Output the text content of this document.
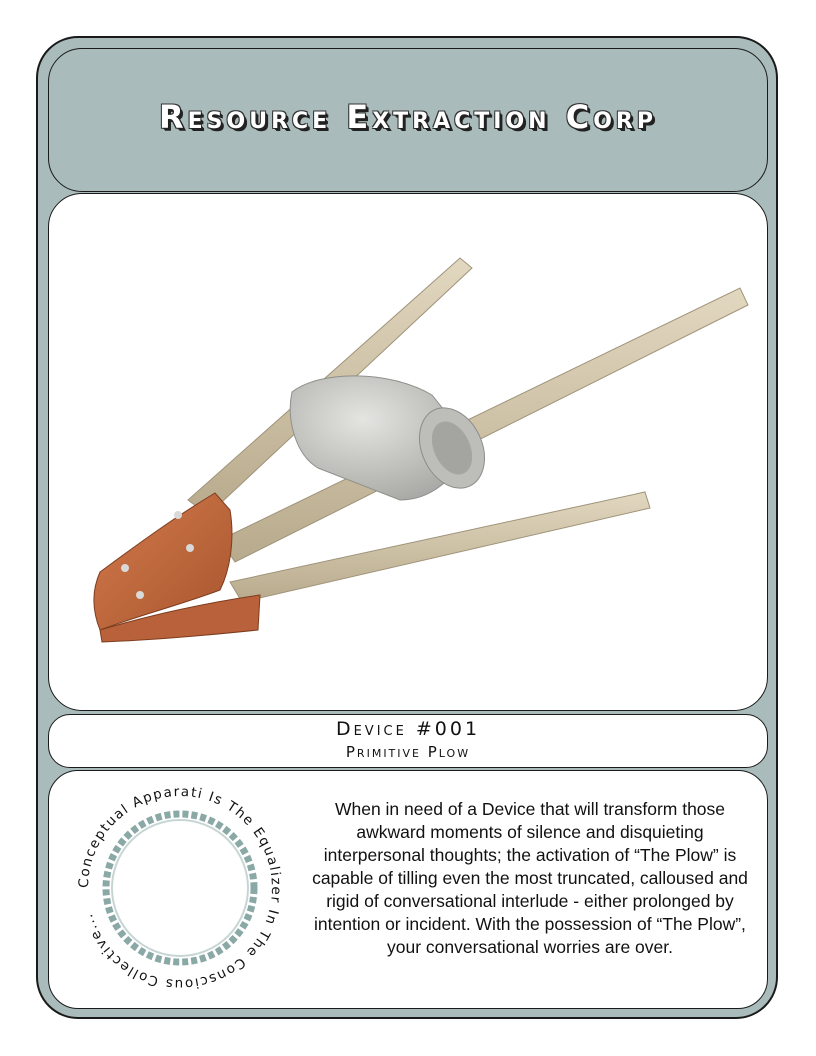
Resource Extraction Corp
Device #001
Primitive Plow
Conceptual Apparati Is The Equalizer In The Conscious Collective...
When in need of a Device that will transform those awkward moments of silence and disquieting interpersonal thoughts; the activation of “The Plow” is capable of tilling even the most truncated, calloused and rigid of conversational interlude - either prolonged by intention or incident. With the possession of “The Plow”, your conversational worries are over.
